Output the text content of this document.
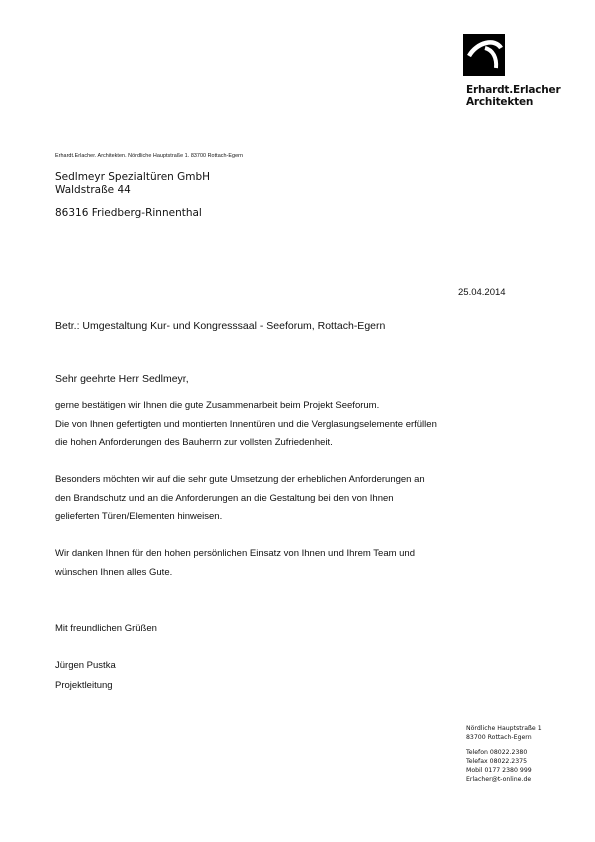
Erhardt.Erlacher
Architekten
Erhardt.Erlacher. Architekten. Nördliche Hauptstraße 1. 83700 Rottach-Egern
Sedlmeyr Spezialtüren GmbH
Waldstraße 44
86316 Friedberg-Rinnenthal
25.04.2014
Betr.: Umgestaltung Kur- und Kongresssaal - Seeforum, Rottach-Egern
Sehr geehrte Herr Sedlmeyr,
gerne bestätigen wir Ihnen die gute Zusammenarbeit beim Projekt Seeforum.
Die von Ihnen gefertigten und montierten Innentüren und die Verglasungselemente erfüllen
die hohen Anforderungen des Bauherrn zur vollsten Zufriedenheit.
Besonders möchten wir auf die sehr gute Umsetzung der erheblichen Anforderungen an
den Brandschutz und an die Anforderungen an die Gestaltung bei den von Ihnen
gelieferten Türen/Elementen hinweisen.
Wir danken Ihnen für den hohen persönlichen Einsatz von Ihnen und Ihrem Team und
wünschen Ihnen alles Gute.
Mit freundlichen Grüßen
Jürgen Pustka
Projektleitung
Nördliche Hauptstraße 1
83700 Rottach-Egern
Telefon 08022.2380
Telefax 08022.2375
Mobil 0177 2380 999
Erlacher@t-online.de
